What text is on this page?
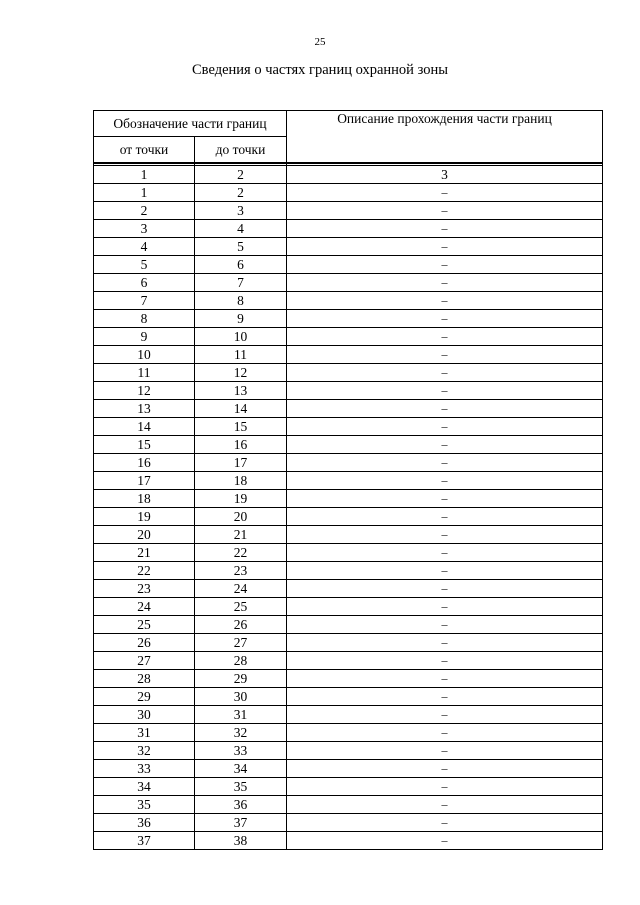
25
Сведения о частях границ охранной зоны
Обозначение части границ		Описание прохождения части границ
от точки	до точки	

1	2	3
1	2	–
2	3	–
3	4	–
4	5	–
5	6	–
6	7	–
7	8	–
8	9	–
9	10	–
10	11	–
11	12	–
12	13	–
13	14	–
14	15	–
15	16	–
16	17	–
17	18	–
18	19	–
19	20	–
20	21	–
21	22	–
22	23	–
23	24	–
24	25	–
25	26	–
26	27	–
27	28	–
28	29	–
29	30	–
30	31	–
31	32	–
32	33	–
33	34	–
34	35	–
35	36	–
36	37	–
37	38	–
